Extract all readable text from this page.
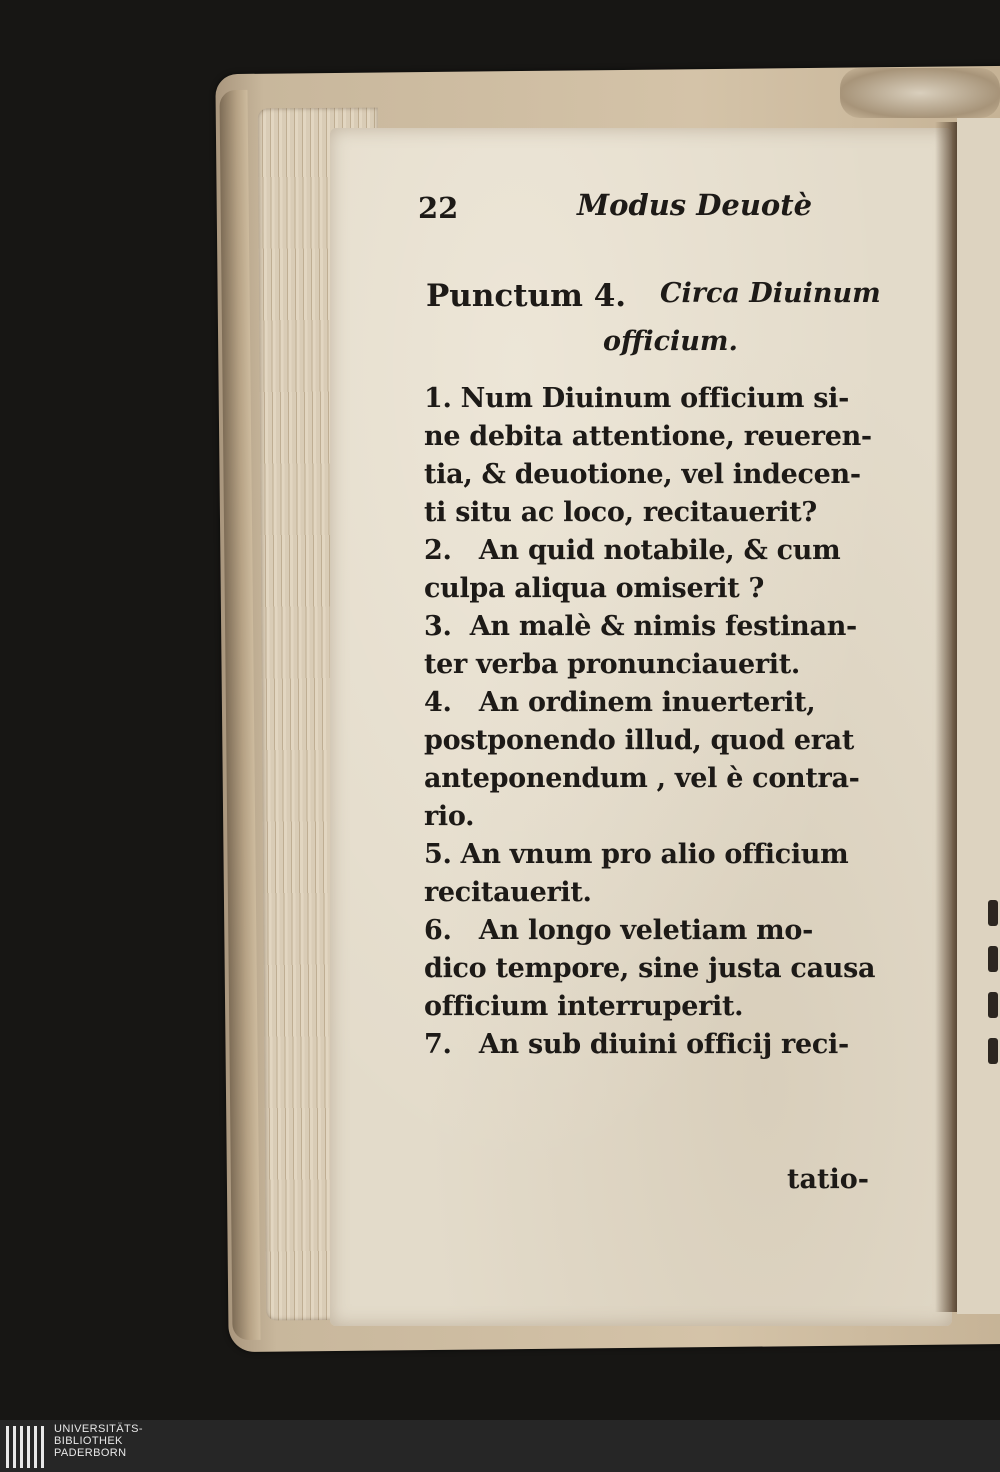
22	Modus Deuotè
Punctum 4. Circa Diuinum
officium.
1. Num Diuinum officium si-
ne debita attentione, reueren-
tia, & deuotione, vel indecen-
ti situ ac loco, recitauerit?
2.   An quid notabile, & cum
culpa aliqua omiserit ?
3.  An malè & nimis festinan-
ter verba pronunciauerit.
4.   An ordinem inuerterit,
postponendo illud, quod erat
anteponendum , vel è contra-
rio.
5. An vnum pro alio officium
recitauerit.
6.   An longo veletiam mo-
dico tempore, sine justa causa
officium interruperit.
7.   An sub diuini officij reci-
tatio-
UNIVERSITÄTS-
BIBLIOTHEK
PADERBORN
